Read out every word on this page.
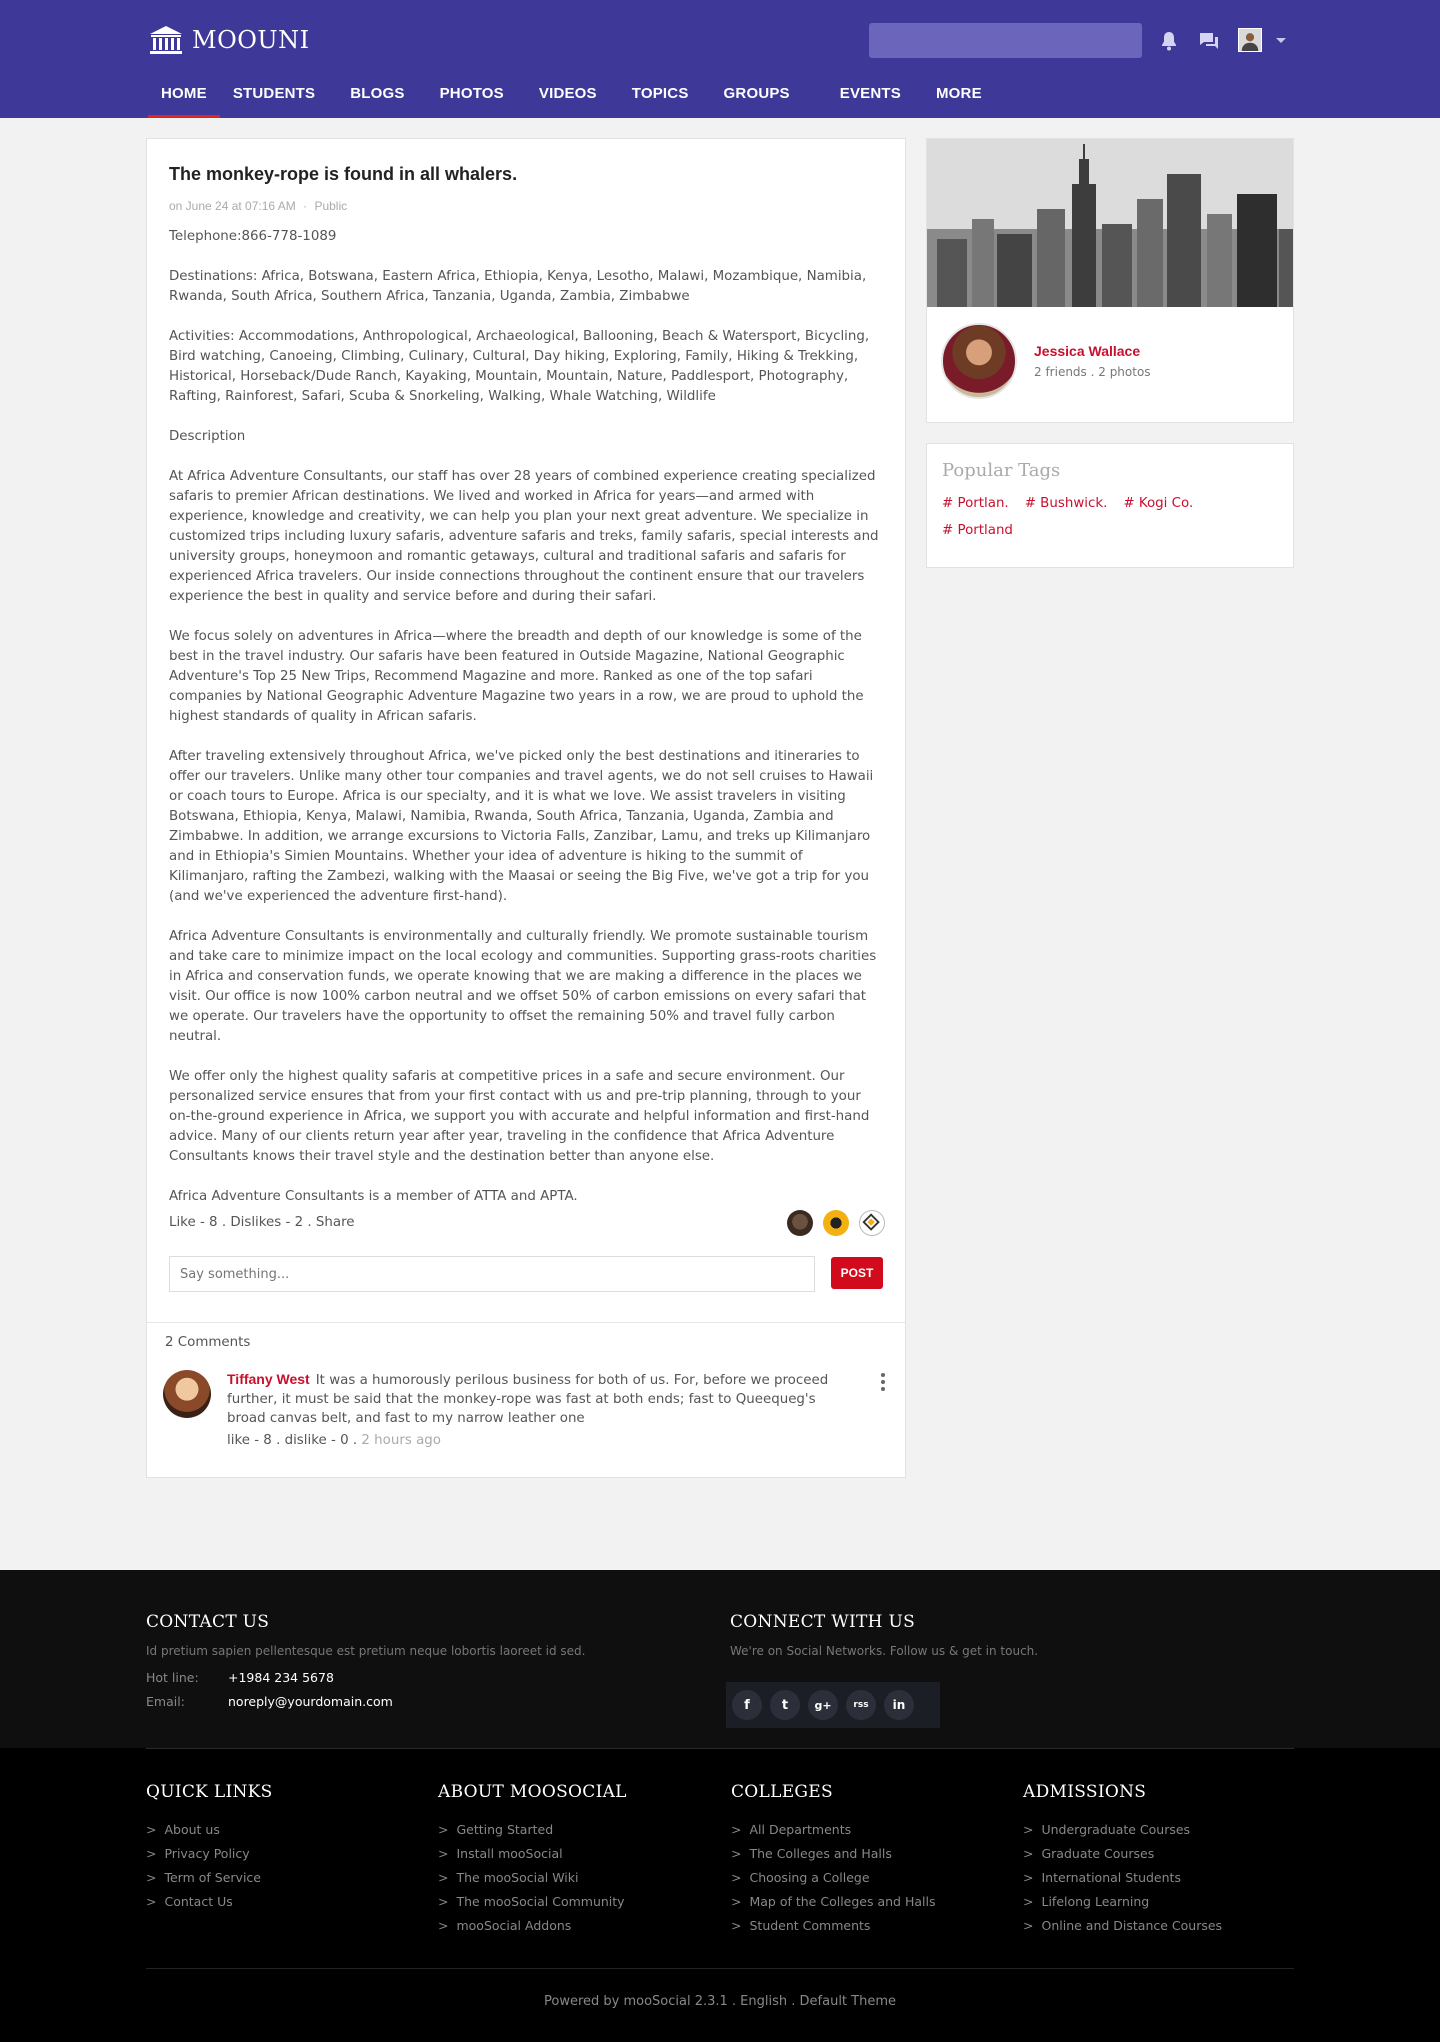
MOOUNI
HOME	STUDENTS	BLOGS	PHOTOS	VIDEOS	TOPICS	GROUPS	EVENTS	MORE
The monkey-rope is found in all whalers.
on June 24 at 07:16 AM · Public

Telephone:866-778-1089

Destinations: Africa, Botswana, Eastern Africa, Ethiopia, Kenya, Lesotho, Malawi, Mozambique, Namibia, Rwanda, South Africa, Southern Africa, Tanzania, Uganda, Zambia, Zimbabwe

Activities: Accommodations, Anthropological, Archaeological, Ballooning, Beach & Watersport, Bicycling, Bird watching, Canoeing, Climbing, Culinary, Cultural, Day hiking, Exploring, Family, Hiking & Trekking, Historical, Horseback/Dude Ranch, Kayaking, Mountain, Mountain, Nature, Paddlesport, Photography, Rafting, Rainforest, Safari, Scuba & Snorkeling, Walking, Whale Watching, Wildlife

Description

At Africa Adventure Consultants, our staff has over 28 years of combined experience creating specialized safaris to premier African destinations. We lived and worked in Africa for years—and armed with experience, knowledge and creativity, we can help you plan your next great adventure. We specialize in customized trips including luxury safaris, adventure safaris and treks, family safaris, special interests and university groups, honeymoon and romantic getaways, cultural and traditional safaris and safaris for experienced Africa travelers. Our inside connections throughout the continent ensure that our travelers experience the best in quality and service before and during their safari.

We focus solely on adventures in Africa—where the breadth and depth of our knowledge is some of the best in the travel industry. Our safaris have been featured in Outside Magazine, National Geographic Adventure's Top 25 New Trips, Recommend Magazine and more. Ranked as one of the top safari companies by National Geographic Adventure Magazine two years in a row, we are proud to uphold the highest standards of quality in African safaris.

After traveling extensively throughout Africa, we've picked only the best destinations and itineraries to offer our travelers. Unlike many other tour companies and travel agents, we do not sell cruises to Hawaii or coach tours to Europe. Africa is our specialty, and it is what we love. We assist travelers in visiting Botswana, Ethiopia, Kenya, Malawi, Namibia, Rwanda, South Africa, Tanzania, Uganda, Zambia and Zimbabwe. In addition, we arrange excursions to Victoria Falls, Zanzibar, Lamu, and treks up Kilimanjaro and in Ethiopia's Simien Mountains. Whether your idea of adventure is hiking to the summit of Kilimanjaro, rafting the Zambezi, walking with the Maasai or seeing the Big Five, we've got a trip for you (and we've experienced the adventure first-hand).

Africa Adventure Consultants is environmentally and culturally friendly. We promote sustainable tourism and take care to minimize impact on the local ecology and communities. Supporting grass-roots charities in Africa and conservation funds, we operate knowing that we are making a difference in the places we visit. Our office is now 100% carbon neutral and we offset 50% of carbon emissions on every safari that we operate. Our travelers have the opportunity to offset the remaining 50% and travel fully carbon neutral.

We offer only the highest quality safaris at competitive prices in a safe and secure environment. Our personalized service ensures that from your first contact with us and pre-trip planning, through to your on-the-ground experience in Africa, we support you with accurate and helpful information and first-hand advice. Many of our clients return year after year, traveling in the confidence that Africa Adventure Consultants knows their travel style and the destination better than anyone else.

Africa Adventure Consultants is a member of ATTA and APTA.

Like - 8 . Dislikes - 2 . Share
Say something...
POST
2 Comments
Tiffany West It was a humorously perilous business for both of us. For, before we proceed further, it must be said that the monkey-rope was fast at both ends; fast to Queequeg's broad canvas belt, and fast to my narrow leather one
like - 8 . dislike - 0 . 2 hours ago
Jessica Wallace
2 friends . 2 photos
Popular Tags
# Portlan. # Bushwick. # Kogi Co.# Portland
CONTACT US
Id pretium sapien pellentesque est pretium neque lobortis laoreet id sed.
Hot line: +1984 234 5678
Email:	noreply@yourdomain.com
CONNECT WITH US
We're on Social Networks. Follow us & get in touch.
f	t	g+	rss	in
QUICK LINKS
> About us
> Privacy Policy
> Term of Service
> Contact Us
ABOUT MOOSOCIAL
> Getting Started
> Install mooSocial
> The mooSocial Wiki
> The mooSocial Community
> mooSocial Addons
COLLEGES
> All Departments
> The Colleges and Halls
> Choosing a College
> Map of the Colleges and Halls
> Student Comments
ADMISSIONS
> Undergraduate Courses
> Graduate Courses
> International Students
> Lifelong Learning
> Online and Distance Courses
Powered by mooSocial 2.3.1 . English . Default Theme
